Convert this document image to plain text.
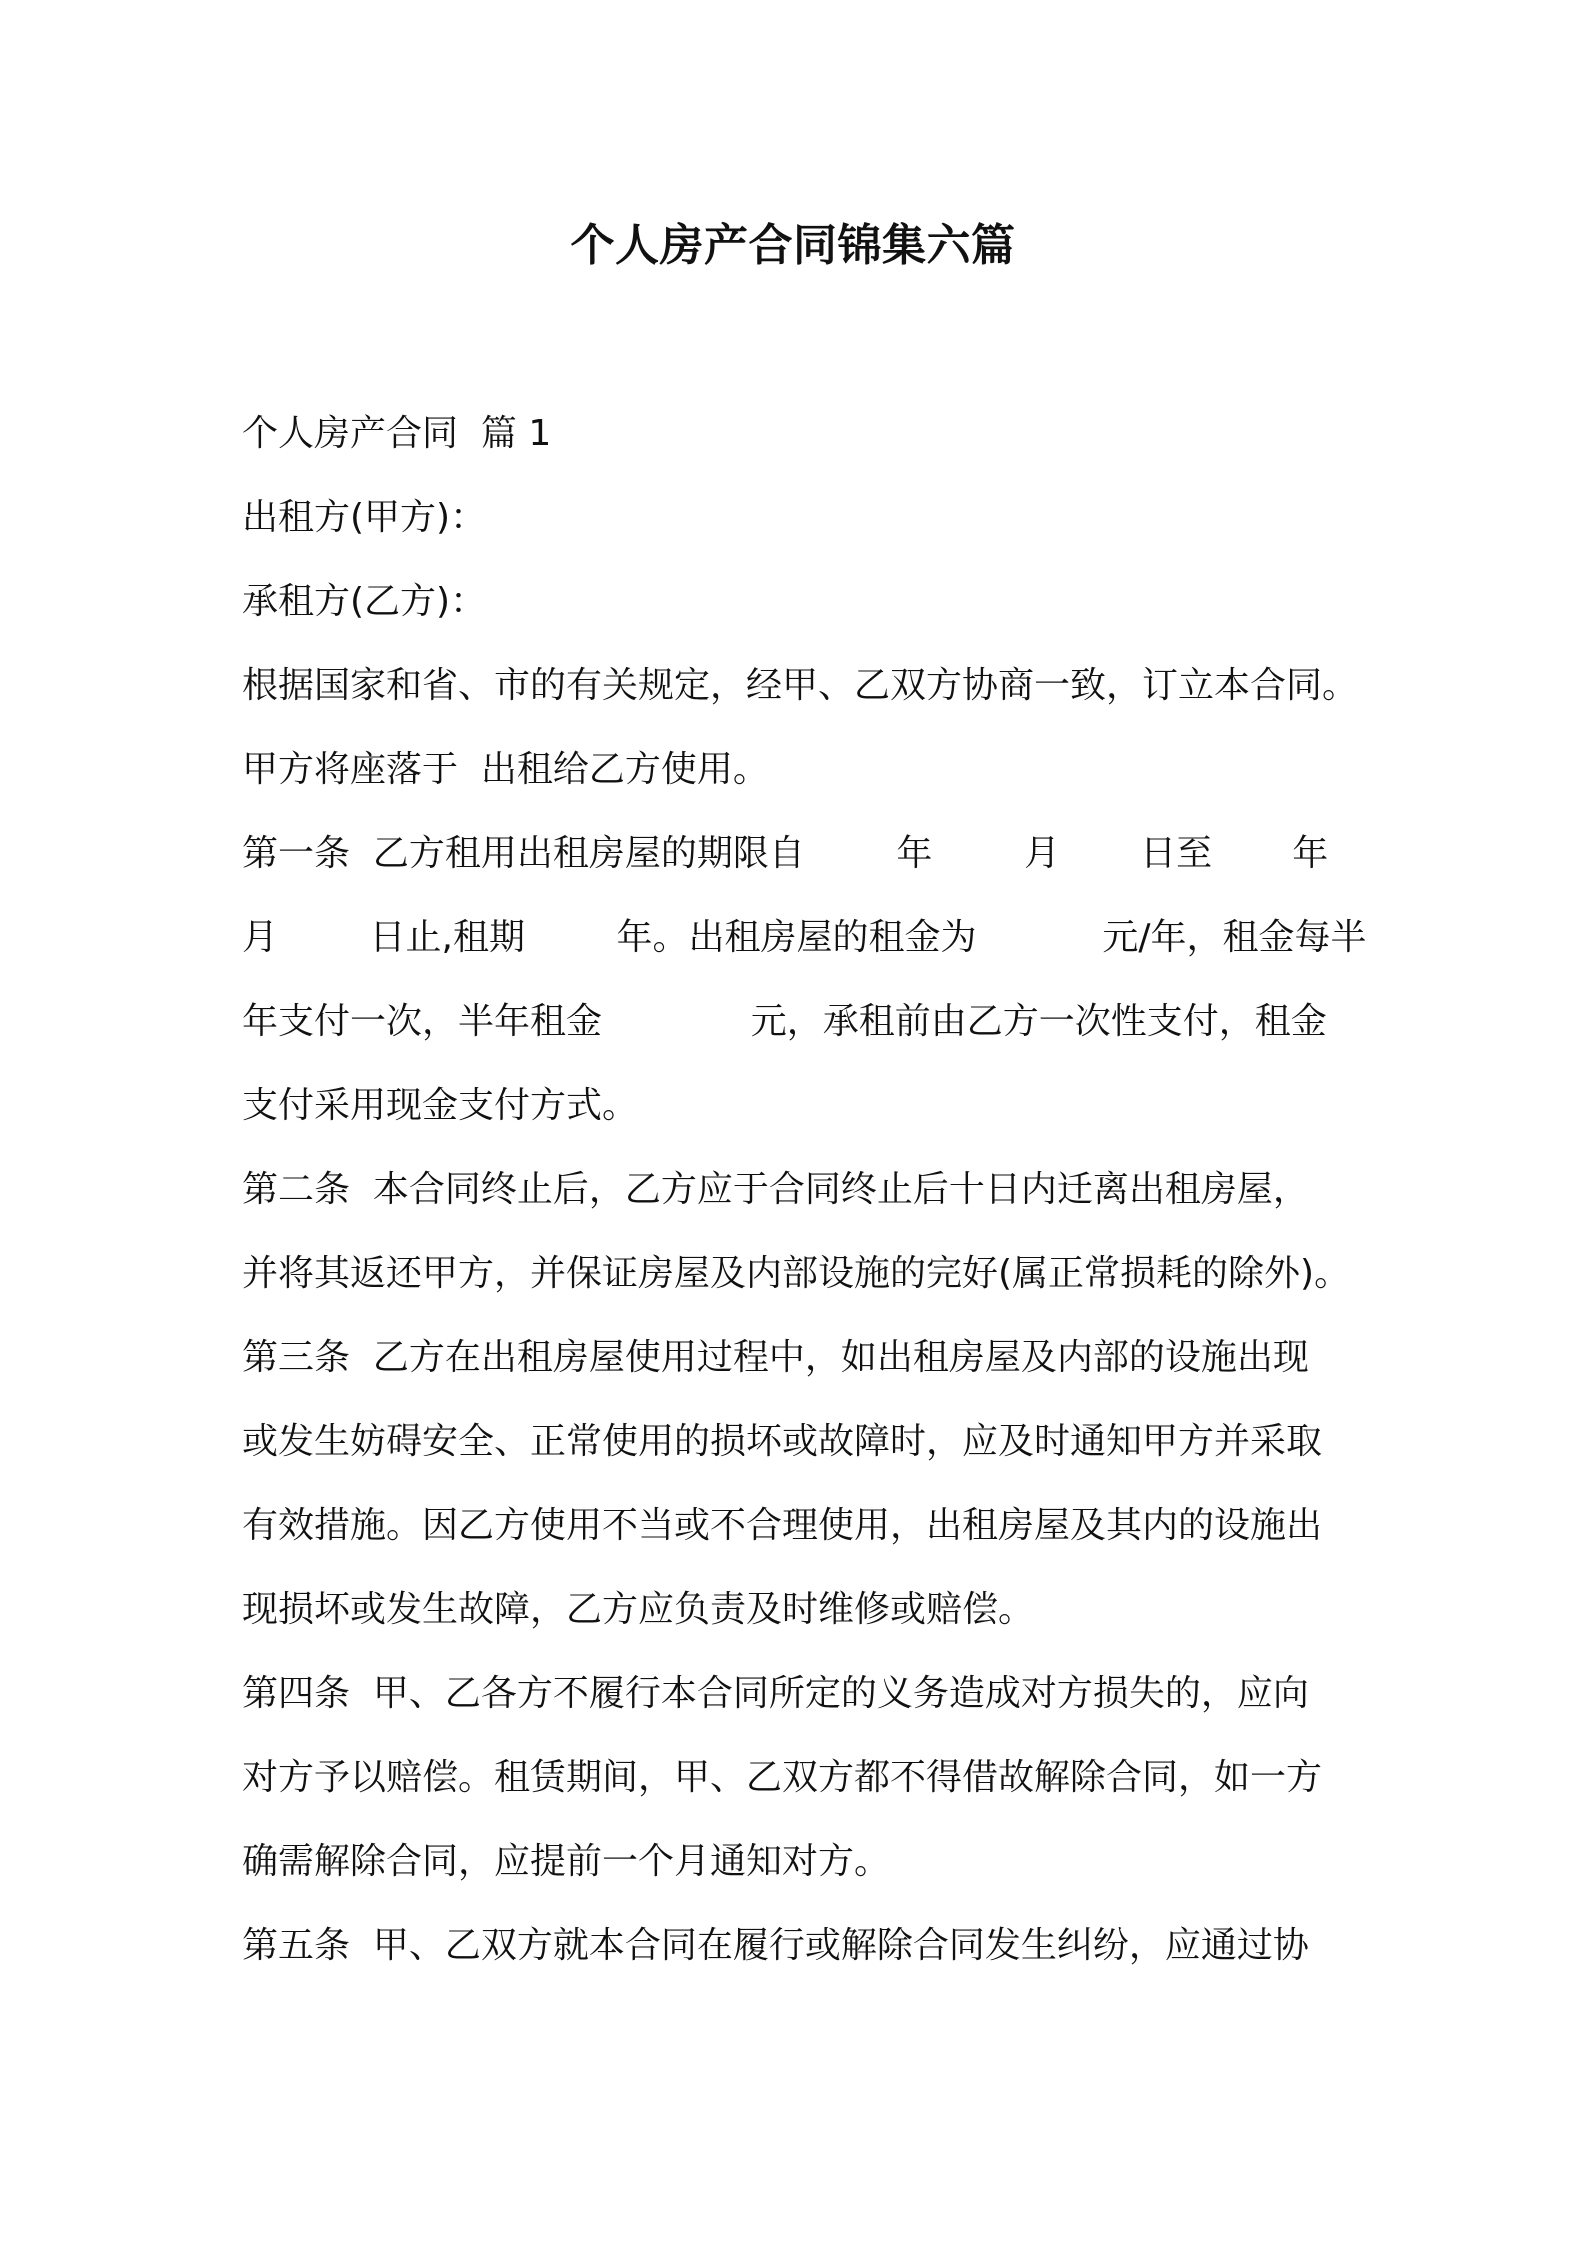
个人房产合同锦集六篇

个人房产合同  篇 1

出租方(甲方)：

承租方(乙方)：

根据国家和省、市的有关规定，经甲、乙双方协商一致，订立本合同。

甲方将座落于  出租给乙方使用。

第一条  乙方租用出租房屋的期限自        年        月       日至       年

月        日止,租期        年。出租房屋的租金为           元/年，租金每半

年支付一次，半年租金             元，承租前由乙方一次性支付，租金

支付采用现金支付方式。

第二条  本合同终止后，乙方应于合同终止后十日内迁离出租房屋，

并将其返还甲方，并保证房屋及内部设施的完好(属正常损耗的除外)。

第三条  乙方在出租房屋使用过程中，如出租房屋及内部的设施出现

或发生妨碍安全、正常使用的损坏或故障时，应及时通知甲方并采取

有效措施。因乙方使用不当或不合理使用，出租房屋及其内的设施出

现损坏或发生故障，乙方应负责及时维修或赔偿。

第四条  甲、乙各方不履行本合同所定的义务造成对方损失的，应向

对方予以赔偿。租赁期间，甲、乙双方都不得借故解除合同，如一方

确需解除合同，应提前一个月通知对方。

第五条  甲、乙双方就本合同在履行或解除合同发生纠纷，应通过协
